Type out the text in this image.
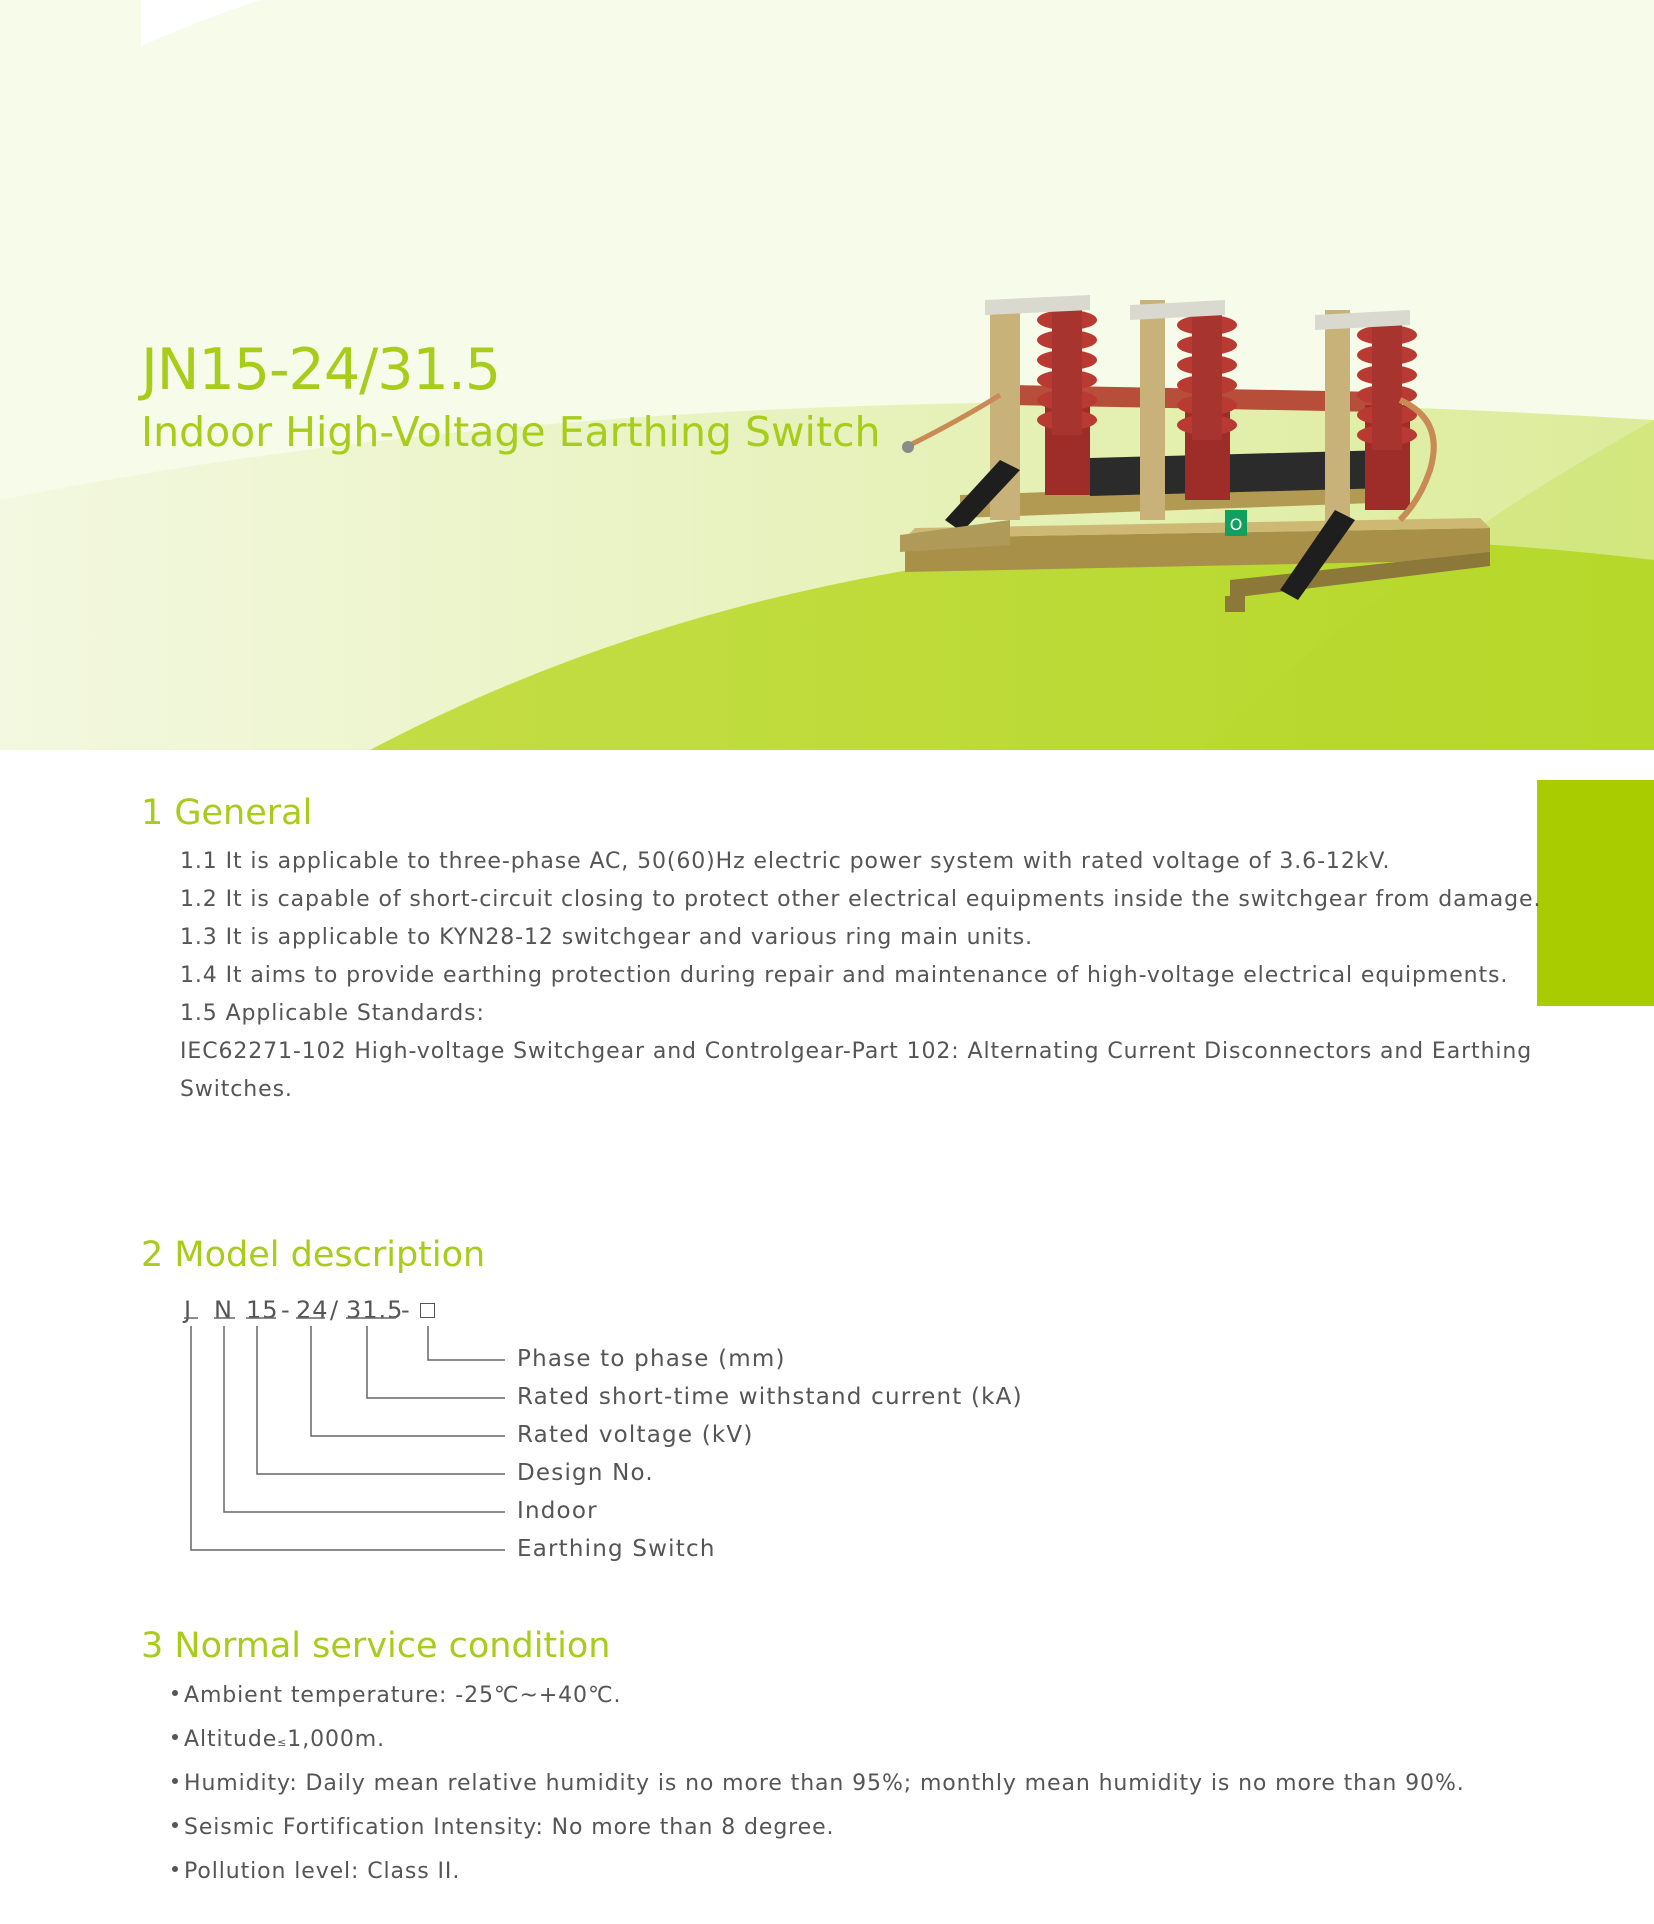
O
JN15-24/31.5
Indoor High-Voltage Earthing Switch
1 General
1.1 It is applicable to three-phase AC, 50(60)Hz electric power system with rated voltage of 3.6-12kV.
1.2 It is capable of short-circuit closing to protect other electrical equipments inside the switchgear from damage.
1.3 It is applicable to KYN28-12 switchgear and various ring main units.
1.4 It aims to provide earthing protection during repair and maintenance of high-voltage electrical equipments.
1.5 Applicable Standards:
IEC62271-102 High-voltage Switchgear and Controlgear-Part 102: Alternating Current Disconnectors and Earthing
Switches.
2 Model description
J N 15 - 24 / 31.5
-
Phase to phase (mm)
Rated short-time withstand current (kA)
Rated voltage (kV)
Design No.
Indoor
Earthing Switch
3 Normal service condition
Ambient temperature: -25℃~+40℃.
Altitude≤1,000m.
Humidity: Daily mean relative humidity is no more than 95%; monthly mean humidity is no more than 90%.
Seismic Fortification Intensity: No more than 8 degree.
Pollution level: Class II.
